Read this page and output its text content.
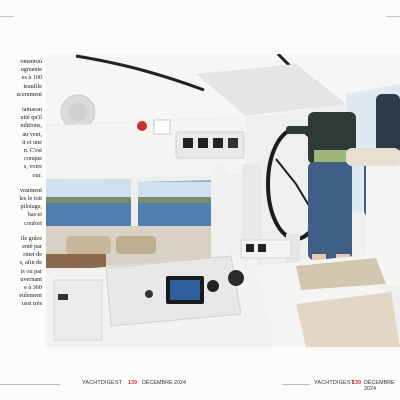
omentoù
ugmente
es à 100
teaufile
zcemment
tamaran
uité qu'il
nditions,
au vent,
it et une
n. C'est
conque
s, voire
our.
vraiment
les le toit
pilotage,
bas et
confort
ile grâce
enté par
rmet de
s, afin de
ts ou par
uvernant
e à 360
eulement
ussi très
YACHTDIGEST 139 DÉCEMBRE 2024	YACHTDIGEST
139 DÉCEMBRE 2024
